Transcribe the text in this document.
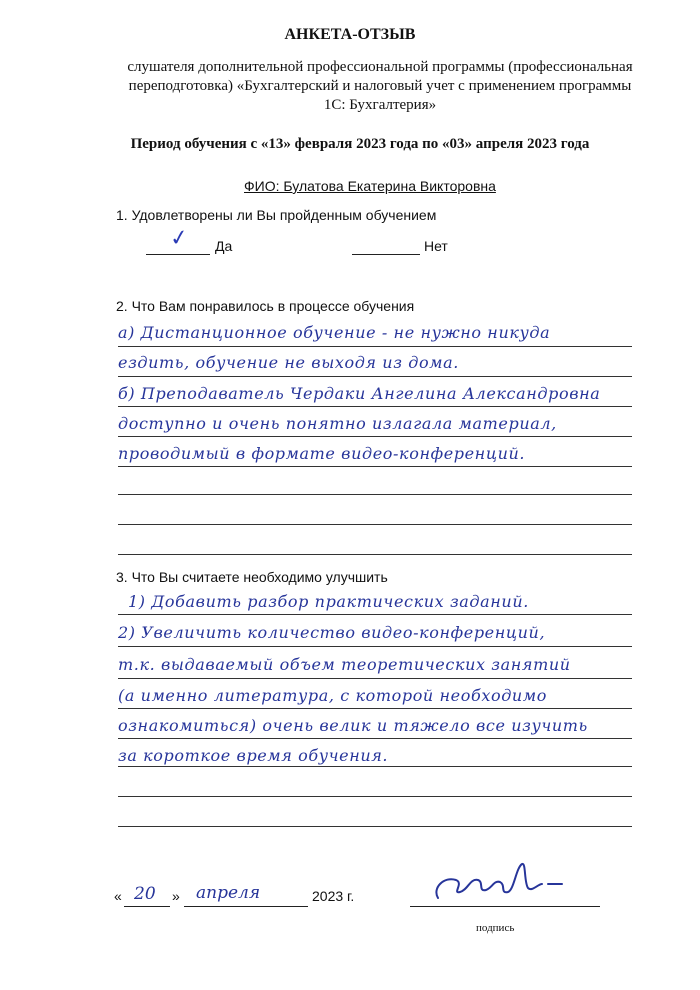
АНКЕТА-ОТЗЫВ
слушателя дополнительной профессиональной программы (профессиональная
переподготовка) «Бухгалтерский и налоговый учет с применением программы
1С: Бухгалтерия»
Период обучения с «13» февраля 2023 года по «03» апреля 2023 года
ФИО: Булатова Екатерина Викторовна
1. Удовлетворены ли Вы пройденным обучением
✓ Да	Нет
2. Что Вам понравилось в процессе обучения
а) Дистанционное обучение - не нужно никуда
ездить, обучение не выходя из дома.
б) Преподаватель Чердаки Ангелина Александровна
доступно и очень понятно излагала материал,
проводимый в формате видео-конференций.
3. Что Вы считаете необходимо улучшить
1) Добавить разбор практических заданий.
2) Увеличить количество видео-конференций,
т.к. выдаваемый объем теоретических занятий
(а именно литература, с которой необходимо
ознакомиться) очень велик и тяжело все изучить
за короткое время обучения.
« 20 » апреля	2023 г.
подпись
